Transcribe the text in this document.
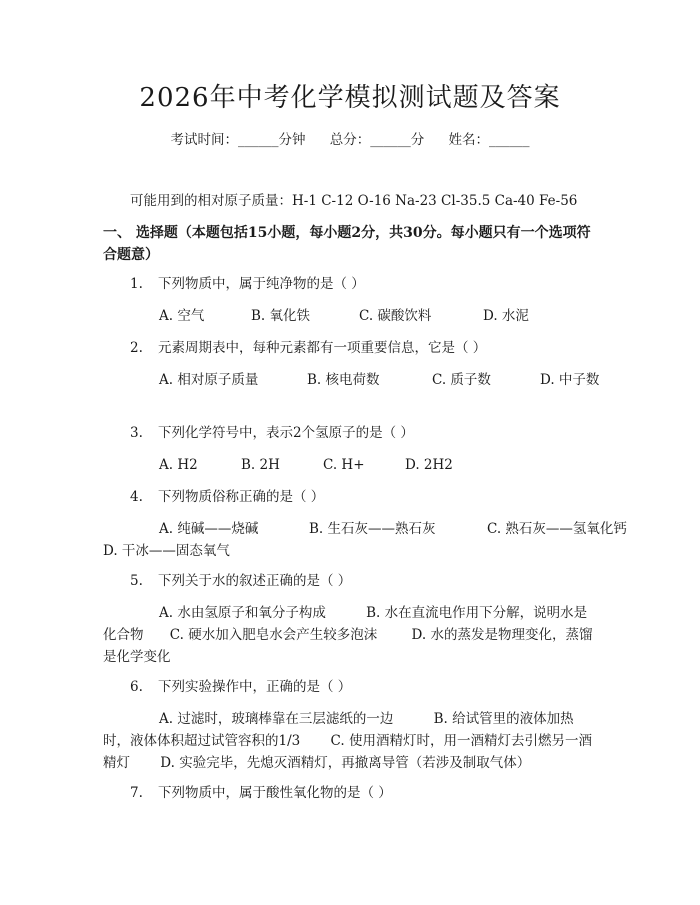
2026年中考化学模拟测试题及答案
考试时间：______分钟 总分：______分 姓名：______
可能用到的相对原子质量：H-1 C-12 O-16 Na-23 Cl-35.5 Ca-40 Fe-56
一、 选择题（本题包括15小题，每小题2分，共30分。每小题只有一个选项符合题意）
1. 下列物质中，属于纯净物的是（ ）
A. 空气	B. 氧化铁	C. 碳酸饮料	D. 水泥
2. 元素周期表中，每种元素都有一项重要信息，它是（ ）
A. 相对原子质量	B. 核电荷数	C. 质子数	D. 中子数
3. 下列化学符号中，表示2个氢原子的是（ ）
A. H2	B. 2H	C. H+	D. 2H2
4. 下列物质俗称正确的是（ ）
A. 纯碱——烧碱	B. 生石灰——熟石灰	C. 熟石灰——氢氧化钙D. 干冰——固态氧气
5. 下列关于水的叙述正确的是（ ）
A. 水由氢原子和氧分子构成	B. 水在直流电作用下分解，说明水是化合物 C. 硬水加入肥皂水会产生较多泡沫	D. 水的蒸发是物理变化，蒸馏是化学变化
6. 下列实验操作中，正确的是（ ）
A. 过滤时，玻璃棒靠在三层滤纸的一边	B. 给试管里的液体加热时，液体体积超过试管容积的1/3 C. 使用酒精灯时，用一酒精灯去引燃另一酒精灯 D. 实验完毕，先熄灭酒精灯，再撤离导管（若涉及制取气体）
7. 下列物质中，属于酸性氧化物的是（ ）
